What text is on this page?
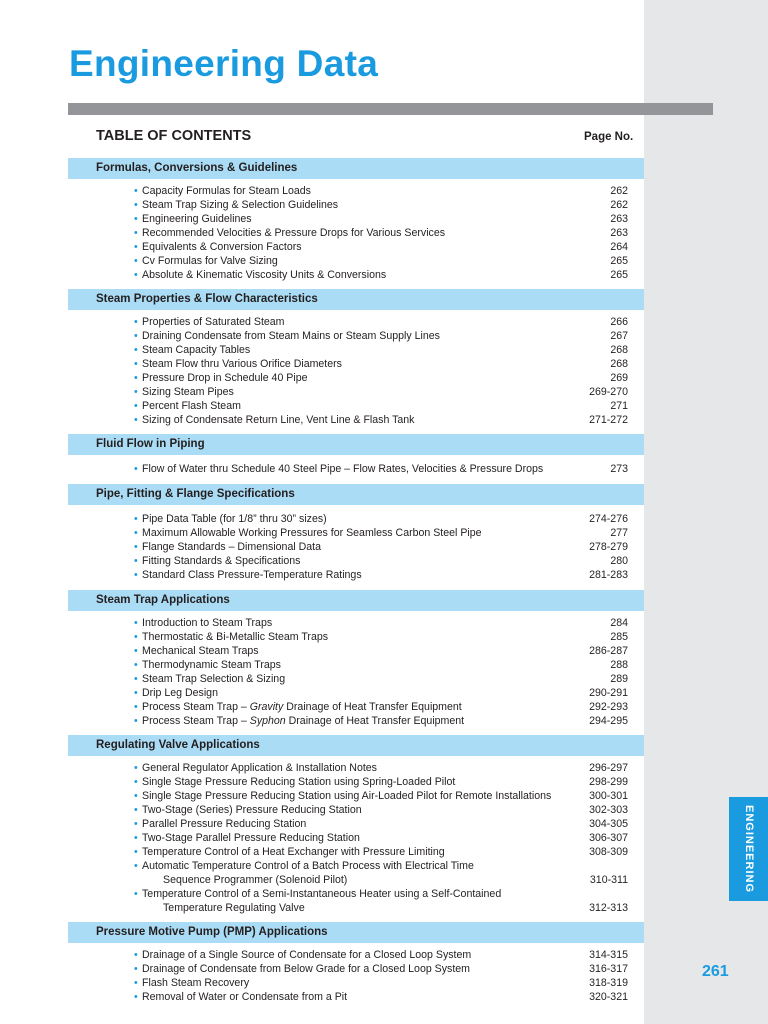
ENGINEERING
261
Engineering Data
TABLE OF CONTENTS	Page No.
Formulas, Conversions & Guidelines
• Capacity Formulas for Steam Loads	262
• Steam Trap Sizing & Selection Guidelines	262
• Engineering Guidelines	263
• Recommended Velocities & Pressure Drops for Various Services	263
• Equivalents & Conversion Factors	264
• Cv Formulas for Valve Sizing	265
• Absolute & Kinematic Viscosity Units & Conversions	265
Steam Properties & Flow Characteristics
• Properties of Saturated Steam	266
• Draining Condensate from Steam Mains or Steam Supply Lines	267
• Steam Capacity Tables	268
• Steam Flow thru Various Orifice Diameters	268
• Pressure Drop in Schedule 40 Pipe	269
• Sizing Steam Pipes	269-270
• Percent Flash Steam	271
• Sizing of Condensate Return Line, Vent Line & Flash Tank	271-272
Fluid Flow in Piping
• Flow of Water thru Schedule 40 Steel Pipe – Flow Rates, Velocities & Pressure Drops	273
Pipe, Fitting & Flange Specifications
• Pipe Data Table (for 1/8” thru 30” sizes)	274-276
• Maximum Allowable Working Pressures for Seamless Carbon Steel Pipe	277
• Flange Standards – Dimensional Data	278-279
• Fitting Standards & Specifications	280
• Standard Class Pressure-Temperature Ratings	281-283
Steam Trap Applications
• Introduction to Steam Traps	284
• Thermostatic & Bi-Metallic Steam Traps	285
• Mechanical Steam Traps	286-287
• Thermodynamic Steam Traps	288
• Steam Trap Selection & Sizing	289
• Drip Leg Design	290-291
• Process Steam Trap – Gravity Drainage of Heat Transfer Equipment	292-293
• Process Steam Trap – Syphon Drainage of Heat Transfer Equipment	294-295
Regulating Valve Applications
• General Regulator Application & Installation Notes	296-297
• Single Stage Pressure Reducing Station using Spring-Loaded Pilot	298-299
• Single Stage Pressure Reducing Station using Air-Loaded Pilot for Remote Installations	300-301
• Two-Stage (Series) Pressure Reducing Station	302-303
• Parallel Pressure Reducing Station	304-305
• Two-Stage Parallel Pressure Reducing Station	306-307
• Temperature Control of a Heat Exchanger with Pressure Limiting	308-309
• Automatic Temperature Control of a Batch Process with Electrical Time
Sequence Programmer (Solenoid Pilot)	310-311
• Temperature Control of a Semi-Instantaneous Heater using a Self-Contained
Temperature Regulating Valve	312-313
Pressure Motive Pump (PMP) Applications
• Drainage of a Single Source of Condensate for a Closed Loop System	314-315
• Drainage of Condensate from Below Grade for a Closed Loop System	316-317
• Flash Steam Recovery	318-319
• Removal of Water or Condensate from a Pit	320-321
